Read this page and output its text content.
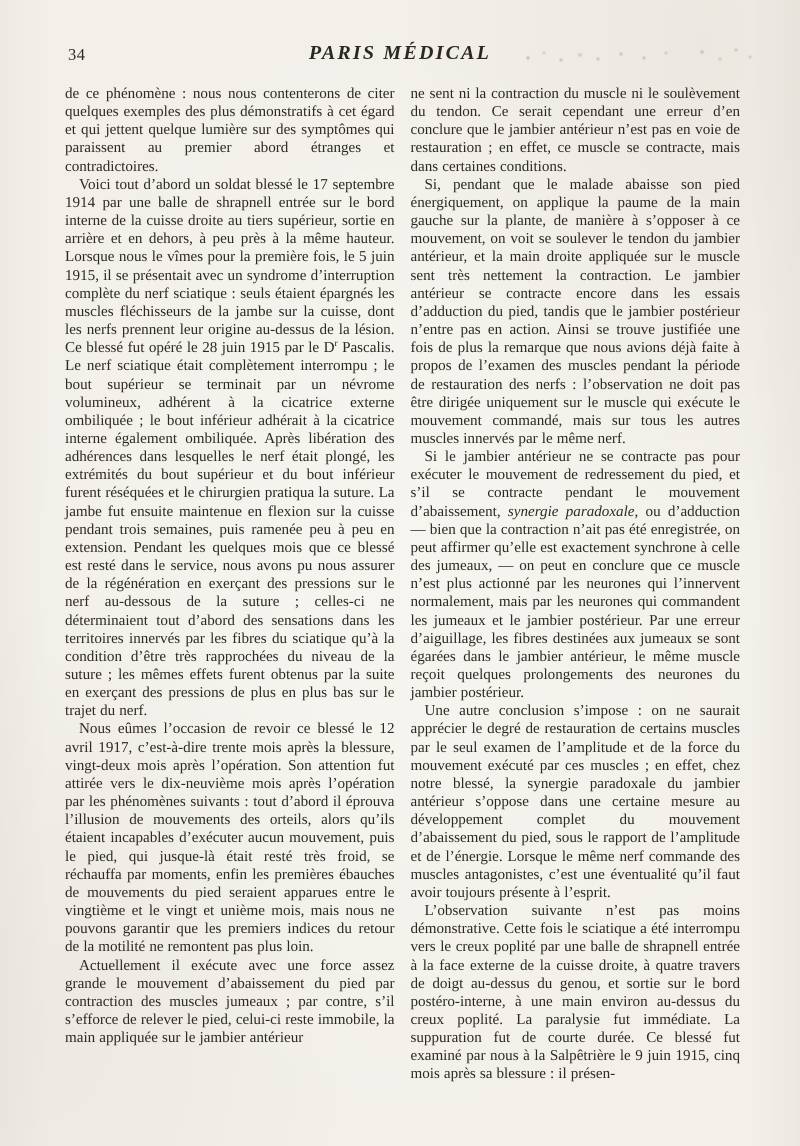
34	PARIS MÉDICAL

de ce phénomène : nous nous contenterons de citer quelques exemples des plus démonstratifs à cet égard et qui jettent quelque lumière sur des symptômes qui paraissent au premier abord étranges et contradictoires.

Voici tout d’abord un soldat blessé le 17 septembre 1914 par une balle de shrapnell entrée sur le bord interne de la cuisse droite au tiers supérieur, sortie en arrière et en dehors, à peu près à la même hauteur. Lorsque nous le vîmes pour la première fois, le 5 juin 1915, il se présentait avec un syndrome d’interruption complète du nerf sciatique : seuls étaient épargnés les muscles fléchisseurs de la jambe sur la cuisse, dont les nerfs prennent leur origine au-dessus de la lésion. Ce blessé fut opéré le 28 juin 1915 par le $D^r$ Pascalis. Le nerf sciatique était complètement interrompu ; le bout supérieur se terminait par un névrome volumineux, adhérent à la cicatrice externe ombiliquée ; le bout inférieur adhérait à la cicatrice interne également ombiliquée. Après libération des adhérences dans lesquelles le nerf était plongé, les extrémités du bout supérieur et du bout inférieur furent réséquées et le chirurgien pratiqua la suture. La jambe fut ensuite maintenue en flexion sur la cuisse pendant trois semaines, puis ramenée peu à peu en extension. Pendant les quelques mois que ce blessé est resté dans le service, nous avons pu nous assurer de la régénération en exerçant des pressions sur le nerf au-dessous de la suture ; celles-ci ne déterminaient tout d’abord des sensations dans les territoires innervés par les fibres du sciatique qu’à la condition d’être très rapprochées du niveau de la suture ; les mêmes effets furent obtenus par la suite en exerçant des pressions de plus en plus bas sur le trajet du nerf.

Nous eûmes l’occasion de revoir ce blessé le 12 avril 1917, c’est-à-dire trente mois après la blessure, vingt-deux mois après l’opération. Son attention fut attirée vers le dix-neuvième mois après l’opération par les phénomènes suivants : tout d’abord il éprouva l’illusion de mouvements des orteils, alors qu’ils étaient incapables d’exécuter aucun mouvement, puis le pied, qui jusque-là était resté très froid, se réchauffa par moments, enfin les premières ébauches de mouvements du pied seraient apparues entre le vingtième et le vingt et unième mois, mais nous ne pouvons garantir que les premiers indices du retour de la motilité ne remontent pas plus loin.

Actuellement il exécute avec une force assez grande le mouvement d’abaissement du pied par contraction des muscles jumeaux ; par contre, s’il s’efforce de relever le pied, celui-ci reste immobile, la main appliquée sur le jambier antérieur

ne sent ni la contraction du muscle ni le soulèvement du tendon. Ce serait cependant une erreur d’en conclure que le jambier antérieur n’est pas en voie de restauration ; en effet, ce muscle se contracte, mais dans certaines conditions.

Si, pendant que le malade abaisse son pied énergiquement, on applique la paume de la main gauche sur la plante, de manière à s’opposer à ce mouvement, on voit se soulever le tendon du jambier antérieur, et la main droite appliquée sur le muscle sent très nettement la contraction. Le jambier antérieur se contracte encore dans les essais d’adduction du pied, tandis que le jambier postérieur n’entre pas en action. Ainsi se trouve justifiée une fois de plus la remarque que nous avions déjà faite à propos de l’examen des muscles pendant la période de restauration des nerfs : l’observation ne doit pas être dirigée uniquement sur le muscle qui exécute le mouvement commandé, mais sur tous les autres muscles innervés par le même nerf.

Si le jambier antérieur ne se contracte pas pour exécuter le mouvement de redressement du pied, et s’il se contracte pendant le mouvement d’abaissement, synergie paradoxale, ou d’adduction — bien que la contraction n’ait pas été enregistrée, on peut affirmer qu’elle est exactement synchrone à celle des jumeaux, — on peut en conclure que ce muscle n’est plus actionné par les neurones qui l’innervent normalement, mais par les neurones qui commandent les jumeaux et le jambier postérieur. Par une erreur d’aiguillage, les fibres destinées aux jumeaux se sont égarées dans le jambier antérieur, le même muscle reçoit quelques prolongements des neurones du jambier postérieur.

Une autre conclusion s’impose : on ne saurait apprécier le degré de restauration de certains muscles par le seul examen de l’amplitude et de la force du mouvement exécuté par ces muscles ; en effet, chez notre blessé, la synergie paradoxale du jambier antérieur s’oppose dans une certaine mesure au développement complet du mouvement d’abaissement du pied, sous le rapport de l’amplitude et de l’énergie. Lorsque le même nerf commande des muscles antagonistes, c’est une éventualité qu’il faut avoir toujours présente à l’esprit.

L’observation suivante n’est pas moins démonstrative. Cette fois le sciatique a été interrompu vers le creux poplité par une balle de shrapnell entrée à la face externe de la cuisse droite, à quatre travers de doigt au-dessus du genou, et sortie sur le bord postéro-interne, à une main environ au-dessus du creux poplité. La paralysie fut immédiate. La suppuration fut de courte durée. Ce blessé fut examiné par nous à la Salpêtrière le 9 juin 1915, cinq mois après sa blessure : il présen-
